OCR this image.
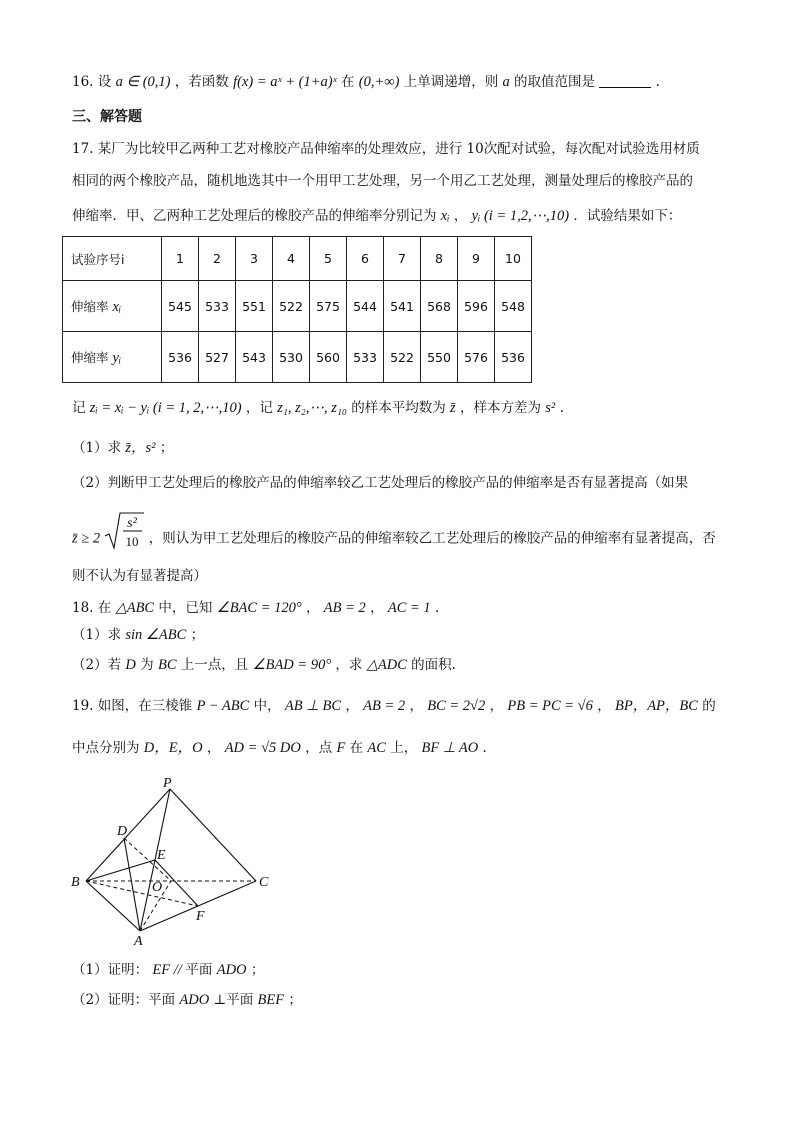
16. 设 a ∈ (0,1) ，若函数 f(x) = aˣ + (1+a)ˣ 在 (0,+∞) 上单调递增，则 a 的取值范围是	.
三、解答题
17. 某厂为比较甲乙两种工艺对橡胶产品伸缩率的处理效应，进行 10次配对试验，每次配对试验选用材质
相同的两个橡胶产品，随机地选其中一个用甲工艺处理，另一个用乙工艺处理，测量处理后的橡胶产品的
伸缩率．甲、乙两种工艺处理后的橡胶产品的伸缩率分别记为 xᵢ ， yᵢ (i = 1,2,⋯,10) ．试验结果如下：
试验序号i	1	2	3	4	5	6	7	8	9	10
伸缩率 xᵢ	545	533	551	522	575	544	541	568	596	548
伸缩率 yᵢ	536	527	543	530	560	533	522	550	576	536
记 zᵢ = xᵢ − yᵢ (i = 1, 2,⋯,10) ，记 z₁, z₂,⋯, z₁₀ 的样本平均数为 z̄ ，样本方差为 s² .
（1）求 z̄，s² ；
（2）判断甲工艺处理后的橡胶产品的伸缩率较乙工艺处理后的橡胶产品的伸缩率是否有显著提高（如果
z̄ ≥ 2
s²
10 ，则认为甲工艺处理后的橡胶产品的伸缩率较乙工艺处理后的橡胶产品的伸缩率有显著提高，否
则不认为有显著提高）
18. 在 △ABC 中，已知 ∠BAC = 120° ， AB = 2 ， AC = 1 .
（1）求 sin ∠ABC ；
（2）若 D 为 BC 上一点，且 ∠BAD = 90° ，求 △ADC 的面积.
19. 如图，在三棱锥 P − ABC 中， AB ⊥ BC ， AB = 2 ， BC = 2√2 ， PB = PC = √6 ， BP，AP，BC 的
中点分别为 D，E，O ， AD = √5 DO ，点 F 在 AC 上， BF ⊥ AO .
P
D
E
B	O	C
F
A
（1）证明： EF // 平面 ADO ；
（2）证明：平面 ADO ⊥平面 BEF ；
